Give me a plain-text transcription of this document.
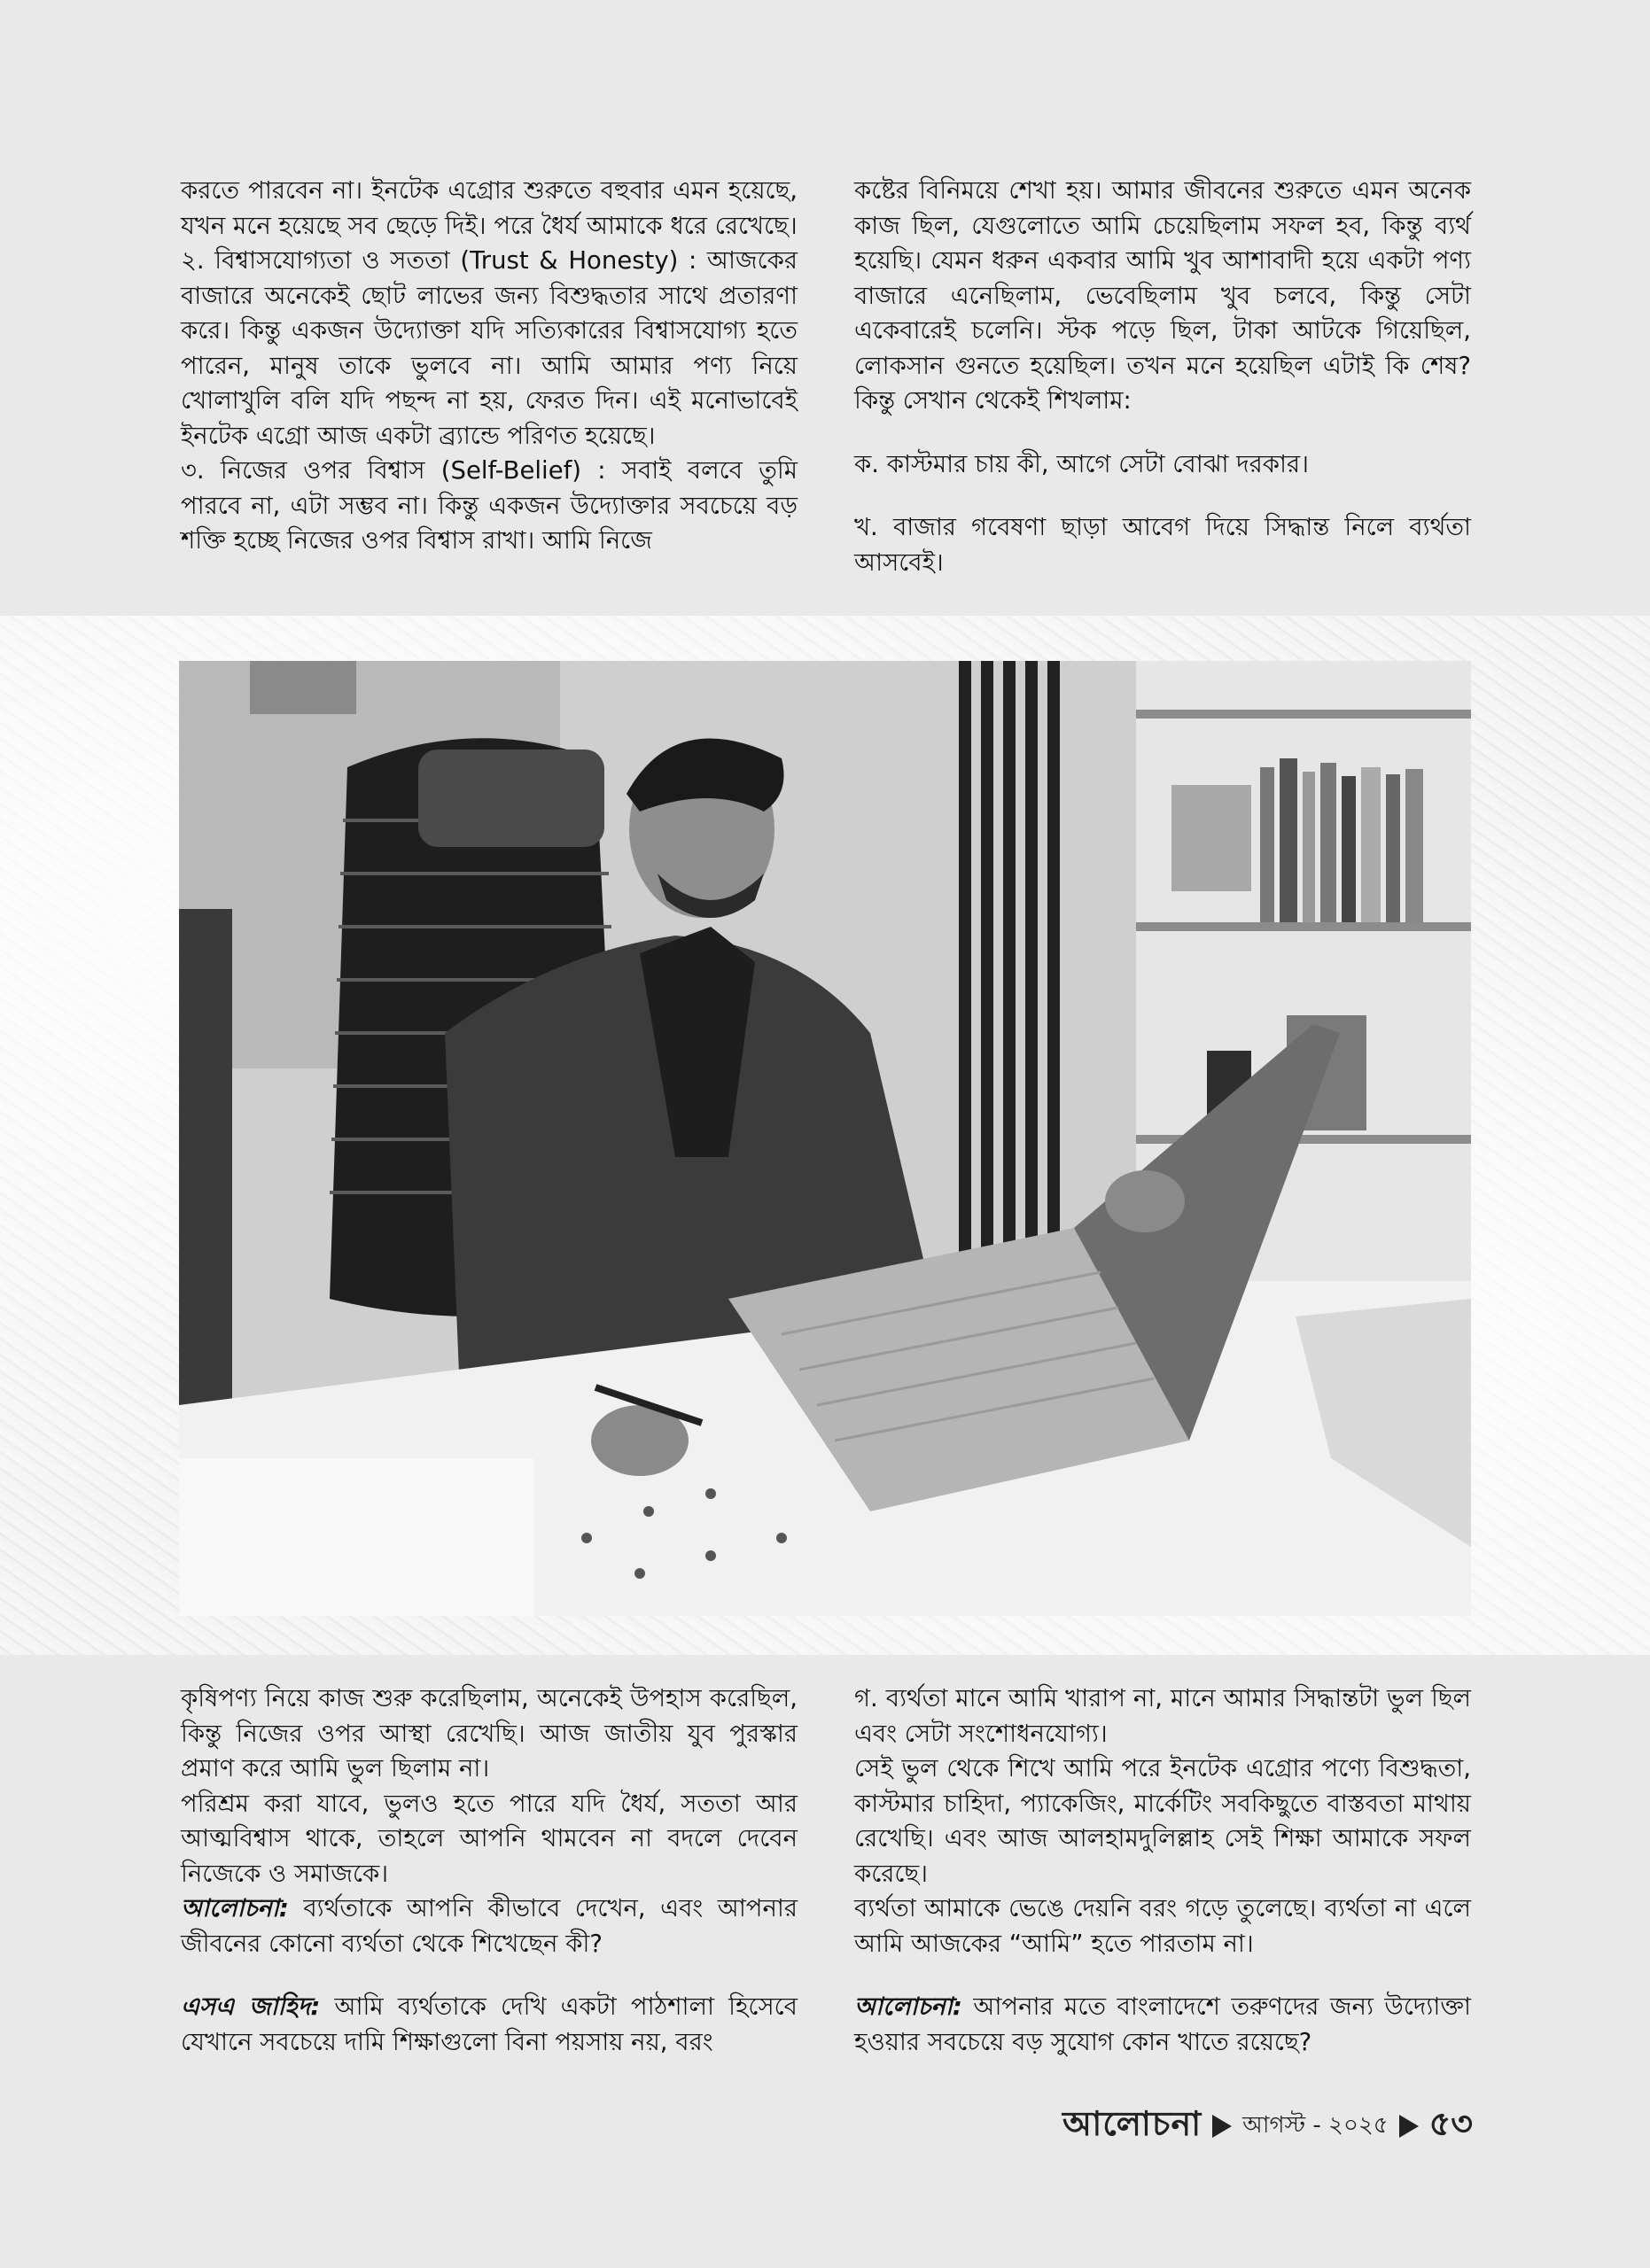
করতে পারবেন না। ইনটেক এগ্রোর শুরুতে বহুবার এমন হয়েছে, যখন মনে হয়েছে সব ছেড়ে দিই। পরে ধৈর্য আমাকে ধরে রেখেছে।

২. বিশ্বাসযোগ্যতা ও সততা (Trust & Honesty) : আজকের বাজারে অনেকেই ছোট লাভের জন্য বিশুদ্ধতার সাথে প্রতারণা করে। কিন্তু একজন উদ্যোক্তা যদি সত্যিকারের বিশ্বাসযোগ্য হতে পারেন, মানুষ তাকে ভুলবে না। আমি আমার পণ্য নিয়ে খোলাখুলি বলি যদি পছন্দ না হয়, ফেরত দিন। এই মনোভাবেই ইনটেক এগ্রো আজ একটা ব্র্যান্ডে পরিণত হয়েছে।

৩. নিজের ওপর বিশ্বাস (Self-Belief) : সবাই বলবে তুমি পারবে না, এটা সম্ভব না। কিন্তু একজন উদ্যোক্তার সবচেয়ে বড় শক্তি হচ্ছে নিজের ওপর বিশ্বাস রাখা। আমি নিজে

কষ্টের বিনিময়ে শেখা হয়। আমার জীবনের শুরুতে এমন অনেক কাজ ছিল, যেগুলোতে আমি চেয়েছিলাম সফল হব, কিন্তু ব্যর্থ হয়েছি। যেমন ধরুন একবার আমি খুব আশাবাদী হয়ে একটা পণ্য বাজারে এনেছিলাম, ভেবেছিলাম খুব চলবে, কিন্তু সেটা একেবারেই চলেনি। স্টক পড়ে ছিল, টাকা আটকে গিয়েছিল, লোকসান গুনতে হয়েছিল। তখন মনে হয়েছিল এটাই কি শেষ? কিন্তু সেখান থেকেই শিখলাম:

ক. কাস্টমার চায় কী, আগে সেটা বোঝা দরকার।

খ. বাজার গবেষণা ছাড়া আবেগ দিয়ে সিদ্ধান্ত নিলে ব্যর্থতা আসবেই।

কৃষিপণ্য নিয়ে কাজ শুরু করেছিলাম, অনেকেই উপহাস করেছিল, কিন্তু নিজের ওপর আস্থা রেখেছি। আজ জাতীয় যুব পুরস্কার প্রমাণ করে আমি ভুল ছিলাম না।

পরিশ্রম করা যাবে, ভুলও হতে পারে যদি ধৈর্য, সততা আর আত্মবিশ্বাস থাকে, তাহলে আপনি থামবেন না বদলে দেবেন নিজেকে ও সমাজকে।

আলোচনা: ব্যর্থতাকে আপনি কীভাবে দেখেন, এবং আপনার জীবনের কোনো ব্যর্থতা থেকে শিখেছেন কী?

এসএ জাহিদ: আমি ব্যর্থতাকে দেখি একটা পাঠশালা হিসেবে যেখানে সবচেয়ে দামি শিক্ষাগুলো বিনা পয়সায় নয়, বরং

গ. ব্যর্থতা মানে আমি খারাপ না, মানে আমার সিদ্ধান্তটা ভুল ছিল এবং সেটা সংশোধনযোগ্য।

সেই ভুল থেকে শিখে আমি পরে ইনটেক এগ্রোর পণ্যে বিশুদ্ধতা, কাস্টমার চাহিদা, প্যাকেজিং, মার্কেটিং সবকিছুতে বাস্তবতা মাথায় রেখেছি। এবং আজ আলহামদুলিল্লাহ সেই শিক্ষা আমাকে সফল করেছে।

ব্যর্থতা আমাকে ভেঙে দেয়নি বরং গড়ে তুলেছে। ব্যর্থতা না এলে আমি আজকের “আমি” হতে পারতাম না।

আলোচনা: আপনার মতে বাংলাদেশে তরুণদের জন্য উদ্যোক্তা হওয়ার সবচেয়ে বড় সুযোগ কোন খাতে রয়েছে?

আলোচনা আগস্ট - ২০২৫ ৫৩
